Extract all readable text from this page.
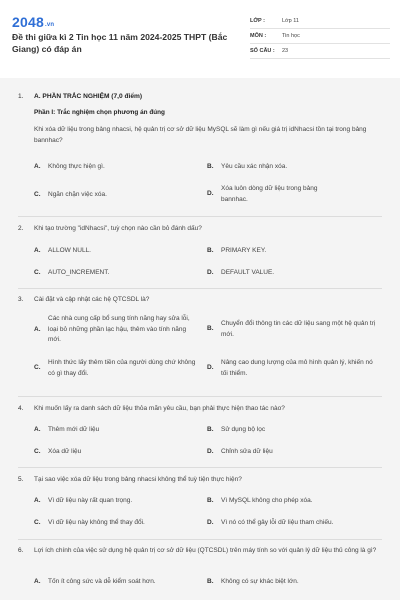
2048.vn
Đề thi giữa kì 2 Tin học 11 năm 2024-2025 THPT (Bắc Giang) có đáp án
LỚP :	Lớp 11
MÔN :	Tin học
SỐ CÂU :	23
1.	A. PHẦN TRẮC NGHIỆM (7,0 điểm)
Phần I: Trắc nghiệm chọn phương án đúng
Khi xóa dữ liệu trong bảng nhacsi, hệ quản trị cơ sở dữ liệu MySQL sẽ làm gì nếu giá trị idNhacsi tồn tại trong bảng bannhac?
A.	Không thực hiện gì.	B.	Yêu cầu xác nhận xóa.
C.	Ngăn chặn việc xóa.	D.
Xóa luôn dòng dữ liệu trong bảng bannhac.
2.	Khi tạo trường "idNhacsi", tuỳ chọn nào cần bỏ đánh dấu?
A.	ALLOW NULL.	B.	PRIMARY KEY.
C.	AUTO_INCREMENT.	D.	DEFAULT VALUE.
3.	Cài đặt và cập nhật các hệ QTCSDL là?
A.
Các nhà cung cấp bổ sung tính năng hay sửa lỗi, loại bỏ những phần lạc hậu, thêm vào tính năng mới.
B.
Chuyển đổi thông tin các dữ liệu sang một hệ quản trị mới.
C.
Hình thức lấy thêm tiền của người dùng chứ không có gì thay đổi.
D.
Nâng cao dung lượng của mô hình quản lý, khiến nó tối thiểm.
4.	Khi muốn lấy ra danh sách dữ liệu thỏa mãn yêu cầu, bạn phải thực hiện thao tác nào?
A.	Thêm mới dữ liệu	B.	Sử dụng bộ lọc
C.	Xóa dữ liệu	D.	Chỉnh sửa dữ liệu
5.	Tại sao việc xóa dữ liệu trong bảng nhacsi không thể tuỳ tiện thực hiện?
A.	Vì dữ liệu này rất quan trọng.	B.	Vì MySQL không cho phép xóa.
C.	Vì dữ liệu này không thể thay đổi.	D.	Vì nó có thể gây lỗi dữ liệu tham chiếu.
6.	Lợi ích chính của việc sử dụng hệ quản trị cơ sở dữ liệu (QTCSDL) trên máy tính so với quản lý dữ liệu thủ công là gì?
A.	Tốn ít công sức và dễ kiểm soát hơn.	B.	Không có sự khác biệt lớn.
